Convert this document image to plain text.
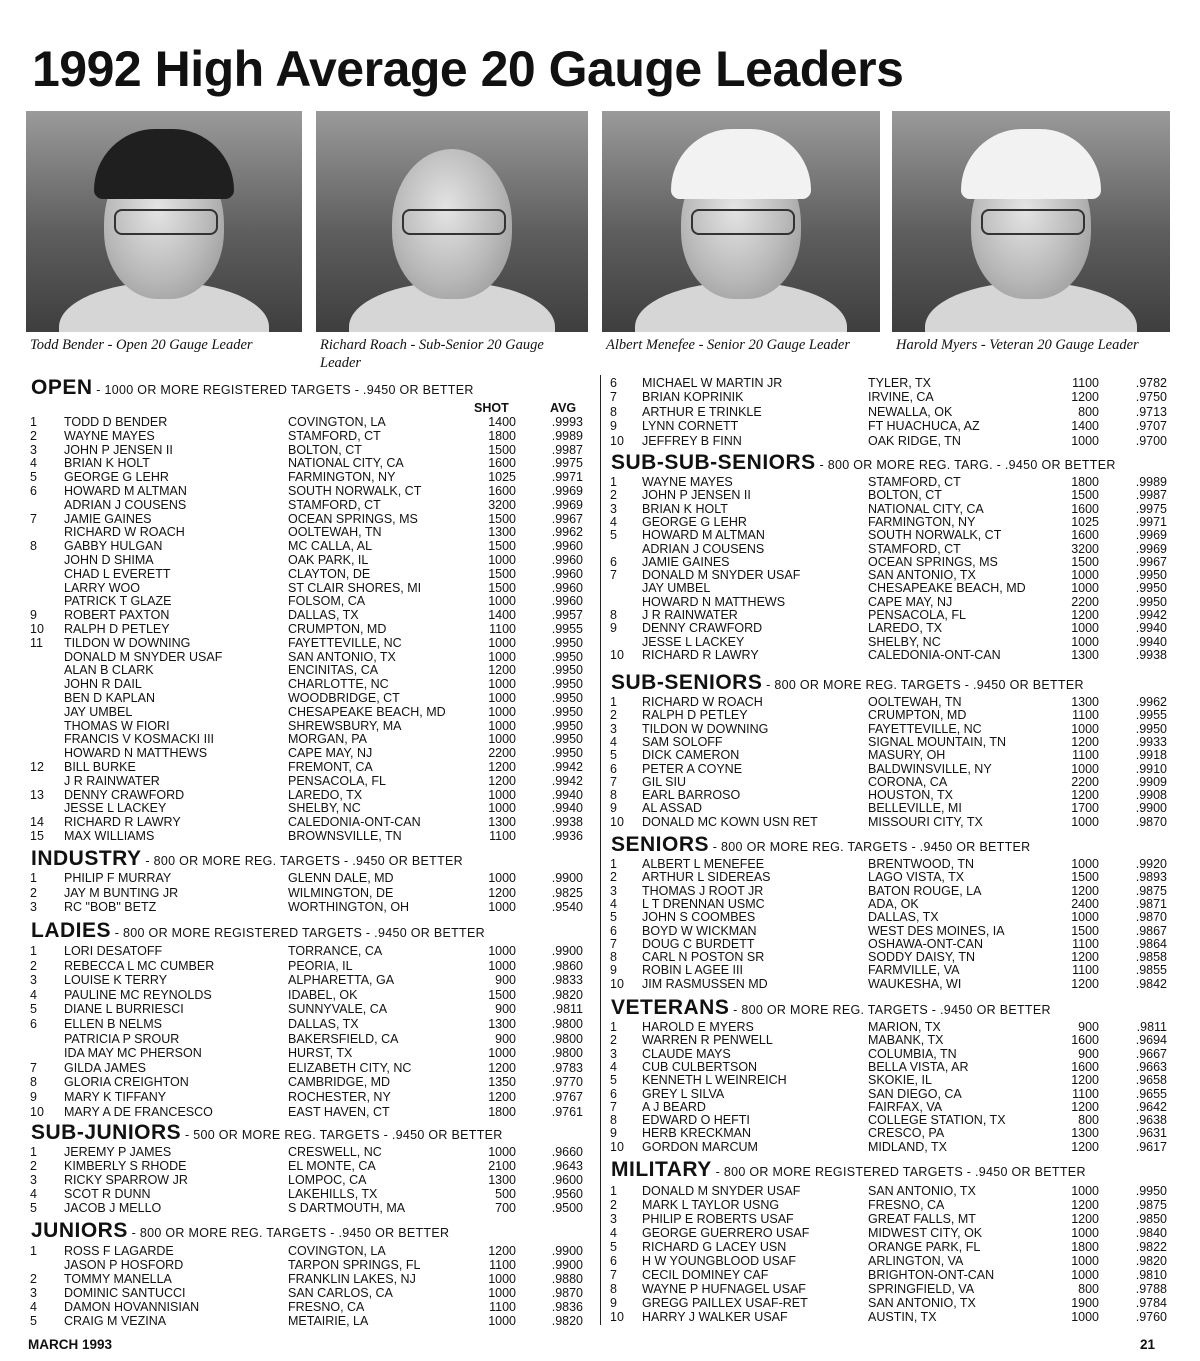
1992 High Average 20 Gauge Leaders
Todd Bender - Open 20 Gauge Leader	Richard Roach - Sub-Senior 20 Gauge Leader
Albert Menefee - Senior 20 Gauge Leader	Harold Myers - Veteran 20 Gauge Leader
OPEN - 1000 OR MORE REGISTERED TARGETS - .9450 OR BETTER
1 TODD D BENDER	COVINGTON, LA	1400	.9993
2 WAYNE MAYES	STAMFORD, CT	1800	.9989
3 JOHN P JENSEN II	BOLTON, CT	1500	.9987
4 BRIAN K HOLT	NATIONAL CITY, CA	1600	.9975
5 GEORGE G LEHR	FARMINGTON, NY	1025	.9971
6 HOWARD M ALTMAN	SOUTH NORWALK, CT	1600	.9969
ADRIAN J COUSENS	STAMFORD, CT	3200	.9969
7 JAMIE GAINES	OCEAN SPRINGS, MS	1500	.9967
RICHARD W ROACH	OOLTEWAH, TN	1300	.9962
8 GABBY HULGAN	MC CALLA, AL	1500	.9960
JOHN D SHIMA	OAK PARK, IL	1000	.9960
CHAD L EVERETT	CLAYTON, DE	1500	.9960
LARRY WOO	ST CLAIR SHORES, MI	1500	.9960
PATRICK T GLAZE	FOLSOM, CA	1000	.9960
9 ROBERT PAXTON	DALLAS, TX	1400	.9957
10 RALPH D PETLEY	CRUMPTON, MD	1100	.9955
11 TILDON W DOWNING	FAYETTEVILLE, NC	1000	.9950
DONALD M SNYDER USAF	SAN ANTONIO, TX	1000	.9950
ALAN B CLARK	ENCINITAS, CA	1200	.9950
JOHN R DAIL	CHARLOTTE, NC	1000	.9950
BEN D KAPLAN	WOODBRIDGE, CT	1000	.9950
JAY UMBEL	CHESAPEAKE BEACH, MD	1000	.9950
THOMAS W FIORI	SHREWSBURY, MA	1000	.9950
FRANCIS V KOSMACKI III	MORGAN, PA	1000	.9950
HOWARD N MATTHEWS	CAPE MAY, NJ	2200	.9950
12 BILL BURKE	FREMONT, CA	1200	.9942
J R RAINWATER	PENSACOLA, FL	1200	.9942
13 DENNY CRAWFORD	LAREDO, TX	1000	.9940
JESSE L LACKEY	SHELBY, NC	1000	.9940
14 RICHARD R LAWRY	CALEDONIA-ONT-CAN	1300	.9938
15 MAX WILLIAMS	BROWNSVILLE, TN	1100	.9936
SHOT	AVG
INDUSTRY - 800 OR MORE REG. TARGETS - .9450 OR BETTER
1 PHILIP F MURRAY	GLENN DALE, MD	1000	.9900
2 JAY M BUNTING JR	WILMINGTON, DE	1200	.9825
3 RC "BOB" BETZ	WORTHINGTON, OH	1000	.9540
LADIES - 800 OR MORE REGISTERED TARGETS - .9450 OR BETTER
1 LORI DESATOFF	TORRANCE, CA	1000	.9900
2 REBECCA L MC CUMBER	PEORIA, IL	1000	.9860
3 LOUISE K TERRY	ALPHARETTA, GA	900	.9833
4 PAULINE MC REYNOLDS	IDABEL, OK	1500	.9820
5 DIANE L BURRIESCI	SUNNYVALE, CA	900	.9811
6 ELLEN B NELMS	DALLAS, TX	1300	.9800
PATRICIA P SROUR	BAKERSFIELD, CA	900	.9800
IDA MAY MC PHERSON	HURST, TX	1000	.9800
7 GILDA JAMES	ELIZABETH CITY, NC	1200	.9783
8 GLORIA CREIGHTON	CAMBRIDGE, MD	1350	.9770
9 MARY K TIFFANY	ROCHESTER, NY	1200	.9767
10 MARY A DE FRANCESCO	EAST HAVEN, CT	1800	.9761
SUB-JUNIORS - 500 OR MORE REG. TARGETS - .9450 OR BETTER
1 JEREMY P JAMES	CRESWELL, NC	1000	.9660
2 KIMBERLY S RHODE	EL MONTE, CA	2100	.9643
3 RICKY SPARROW JR	LOMPOC, CA	1300	.9600
4 SCOT R DUNN	LAKEHILLS, TX	500	.9560
5 JACOB J MELLO	S DARTMOUTH, MA	700	.9500
JUNIORS - 800 OR MORE REG. TARGETS - .9450 OR BETTER
1 ROSS F LAGARDE	COVINGTON, LA	1200	.9900
JASON P HOSFORD	TARPON SPRINGS, FL	1100	.9900
2 TOMMY MANELLA	FRANKLIN LAKES, NJ	1000	.9880
3 DOMINIC SANTUCCI	SAN CARLOS, CA	1000	.9870
4 DAMON HOVANNISIAN	FRESNO, CA	1100	.9836
5 CRAIG M VEZINA	METAIRIE, LA	1000	.9820
6 MICHAEL W MARTIN JR	TYLER, TX	1100	.9782
7 BRIAN KOPRINIK	IRVINE, CA	1200	.9750
8 ARTHUR E TRINKLE	NEWALLA, OK	800	.9713
9 LYNN CORNETT	FT HUACHUCA, AZ	1400	.9707
10 JEFFREY B FINN	OAK RIDGE, TN	1000	.9700
SUB-SUB-SENIORS - 800 OR MORE REG. TARG. - .9450 OR BETTER
1 WAYNE MAYES	STAMFORD, CT	1800	.9989
2 JOHN P JENSEN II	BOLTON, CT	1500	.9987
3 BRIAN K HOLT	NATIONAL CITY, CA	1600	.9975
4 GEORGE G LEHR	FARMINGTON, NY	1025	.9971
5 HOWARD M ALTMAN	SOUTH NORWALK, CT	1600	.9969
ADRIAN J COUSENS	STAMFORD, CT	3200	.9969
6 JAMIE GAINES	OCEAN SPRINGS, MS	1500	.9967
7 DONALD M SNYDER USAF	SAN ANTONIO, TX	1000	.9950
JAY UMBEL	CHESAPEAKE BEACH, MD	1000	.9950
HOWARD N MATTHEWS	CAPE MAY, NJ	2200	.9950
8 J R RAINWATER	PENSACOLA, FL	1200	.9942
9 DENNY CRAWFORD	LAREDO, TX	1000	.9940
JESSE L LACKEY	SHELBY, NC	1000	.9940
10 RICHARD R LAWRY	CALEDONIA-ONT-CAN	1300	.9938
SUB-SENIORS - 800 OR MORE REG. TARGETS - .9450 OR BETTER
1 RICHARD W ROACH	OOLTEWAH, TN	1300	.9962
2 RALPH D PETLEY	CRUMPTON, MD	1100	.9955
3 TILDON W DOWNING	FAYETTEVILLE, NC	1000	.9950
4 SAM SOLOFF	SIGNAL MOUNTAIN, TN	1200	.9933
5 DICK CAMERON	MASURY, OH	1100	.9918
6 PETER A COYNE	BALDWINSVILLE, NY	1000	.9910
7 GIL SIU	CORONA, CA	2200	.9909
8 EARL BARROSO	HOUSTON, TX	1200	.9908
9 AL ASSAD	BELLEVILLE, MI	1700	.9900
10 DONALD MC KOWN USN RET	MISSOURI CITY, TX	1000	.9870
SENIORS - 800 OR MORE REG. TARGETS - .9450 OR BETTER
1 ALBERT L MENEFEE	BRENTWOOD, TN	1000	.9920
2 ARTHUR L SIDEREAS	LAGO VISTA, TX	1500	.9893
3 THOMAS J ROOT JR	BATON ROUGE, LA	1200	.9875
4 L T DRENNAN USMC	ADA, OK	2400	.9871
5 JOHN S COOMBES	DALLAS, TX	1000	.9870
6 BOYD W WICKMAN	WEST DES MOINES, IA	1500	.9867
7 DOUG C BURDETT	OSHAWA-ONT-CAN	1100	.9864
8 CARL N POSTON SR	SODDY DAISY, TN	1200	.9858
9 ROBIN L AGEE III	FARMVILLE, VA	1100	.9855
10 JIM RASMUSSEN MD	WAUKESHA, WI	1200	.9842
VETERANS - 800 OR MORE REG. TARGETS - .9450 OR BETTER
1 HAROLD E MYERS	MARION, TX	900	.9811
2 WARREN R PENWELL	MABANK, TX	1600	.9694
3 CLAUDE MAYS	COLUMBIA, TN	900	.9667
4 CUB CULBERTSON	BELLA VISTA, AR	1600	.9663
5 KENNETH L WEINREICH	SKOKIE, IL	1200	.9658
6 GREY L SILVA	SAN DIEGO, CA	1100	.9655
7 A J BEARD	FAIRFAX, VA	1200	.9642
8 EDWARD O HEFTI	COLLEGE STATION, TX	800	.9638
9 HERB KRECKMAN	CRESCO, PA	1300	.9631
10 GORDON MARCUM	MIDLAND, TX	1200	.9617
MILITARY - 800 OR MORE REGISTERED TARGETS - .9450 OR BETTER
1 DONALD M SNYDER USAF	SAN ANTONIO, TX	1000	.9950
2 MARK L TAYLOR USNG	FRESNO, CA	1200	.9875
3 PHILIP E ROBERTS USAF	GREAT FALLS, MT	1200	.9850
4 GEORGE GUERRERO USAF	MIDWEST CITY, OK	1000	.9840
5 RICHARD G LACEY USN	ORANGE PARK, FL	1800	.9822
6 H W YOUNGBLOOD USAF	ARLINGTON, VA	1000	.9820
7 CECIL DOMINEY CAF	BRIGHTON-ONT-CAN	1000	.9810
8 WAYNE P HUFNAGEL USAF	SPRINGFIELD, VA	800	.9788
9 GREGG PAILLEX USAF-RET	SAN ANTONIO, TX	1900	.9784
10 HARRY J WALKER USAF	AUSTIN, TX	1000	.9760
MARCH 1993	21
